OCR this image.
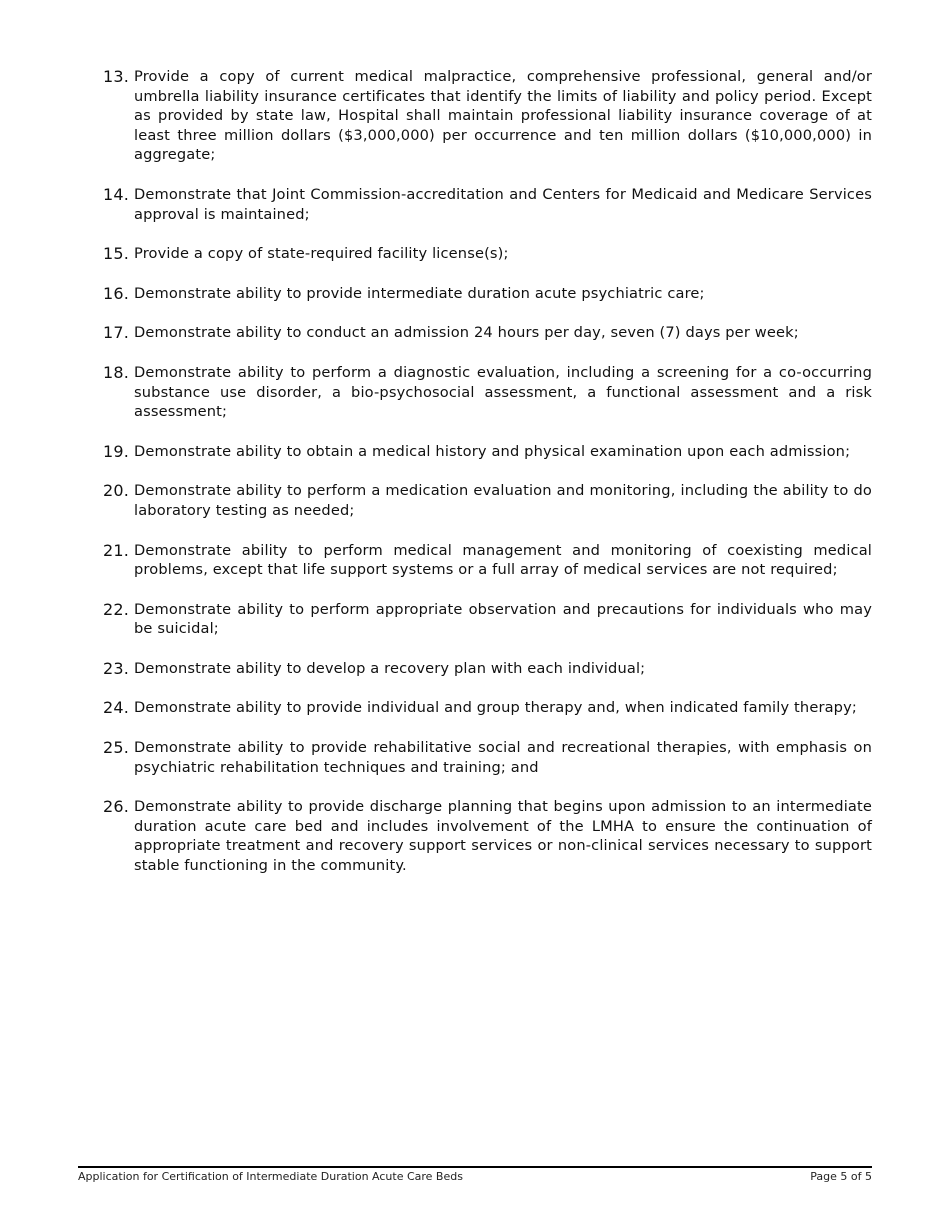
13. Provide a copy of current medical malpractice, comprehensive professional, general and/or umbrella liability insurance certificates that identify the limits of liability and policy period. Except as provided by state law, Hospital shall maintain professional liability insurance coverage of at least three million dollars ($3,000,000) per occurrence and ten million dollars ($10,000,000) in aggregate;
14. Demonstrate that Joint Commission-accreditation and Centers for Medicaid and Medicare Services approval is maintained;
15. Provide a copy of state-required facility license(s);
16. Demonstrate ability to provide intermediate duration acute psychiatric care;
17. Demonstrate ability to conduct an admission 24 hours per day, seven (7) days per week;
18. Demonstrate ability to perform a diagnostic evaluation, including a screening for a co-occurring substance use disorder, a bio-psychosocial assessment, a functional assessment and a risk assessment;
19. Demonstrate ability to obtain a medical history and physical examination upon each admission;
20. Demonstrate ability to perform a medication evaluation and monitoring, including the ability to do laboratory testing as needed;
21. Demonstrate ability to perform medical management and monitoring of coexisting medical problems, except that life support systems or a full array of medical services are not required;
22. Demonstrate ability to perform appropriate observation and precautions for individuals who may be suicidal;
23. Demonstrate ability to develop a recovery plan with each individual;
24. Demonstrate ability to provide individual and group therapy and, when indicated family therapy;
25. Demonstrate ability to provide rehabilitative social and recreational therapies, with emphasis on psychiatric rehabilitation techniques and training; and
26. Demonstrate ability to provide discharge planning that begins upon admission to an intermediate duration acute care bed and includes involvement of the LMHA to ensure the continuation of appropriate treatment and recovery support services or non-clinical services necessary to support stable functioning in the community.
Application for Certification of Intermediate Duration Acute Care Beds	Page 5 of 5
